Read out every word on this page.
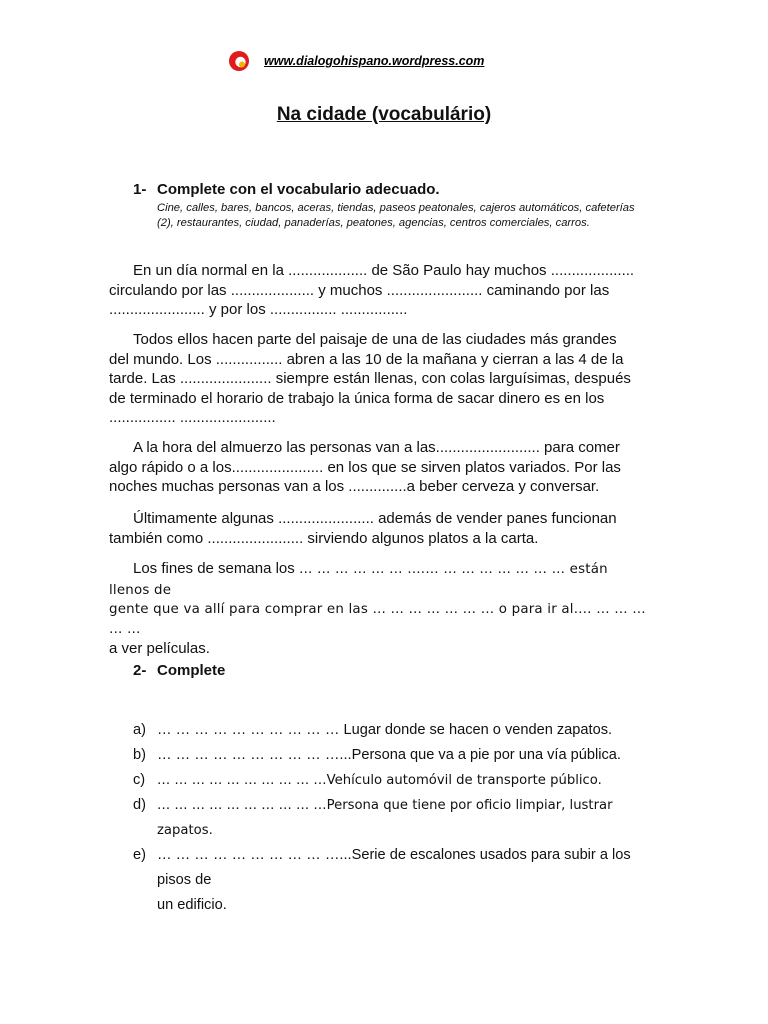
www.dialogohispano.wordpress.com
Na cidade (vocabulário)
1- Complete con el vocabulario adecuado.
Cine, calles, bares, bancos, aceras, tiendas, paseos peatonales, cajeros automáticos, cafeterías
(2), restaurantes, ciudad, panaderías, peatones, agencias, centros comerciales, carros.

En un día normal en la ................... de São Paulo hay muchos ....................

circulando por las .................... y muchos ....................... caminando por las
....................... y por los ................ ................

Todos ellos hacen parte del paisaje de una de las ciudades más grandes

del mundo. Los ................ abren a las 10 de la mañana y cierran a las 4 de la
tarde. Las ...................... siempre están llenas, con colas larguísimas, después
de terminado el horario de trabajo la única forma de sacar dinero es en los
................ .......................

A la hora del almuerzo las personas van a las......................... para comer

algo rápido o a los...................... en los que se sirven platos variados. Por las
noches muchas personas van a los ..............a beber cerveza y conversar.

Últimamente algunas ....................... además de vender panes funcionan

también como ....................... sirviendo algunos platos a la carta.

Los fines de semana los … … … … … … ….… … … … … … … … están llenos de

gente que va allí para comprar en las … … … … … … … o para ir al.… … … … … …
a ver películas.
2- Complete
a) … … … … … … … … … … Lugar donde se hacen o venden zapatos.
b) … … … … … … … … … …...Persona que va a pie por una vía pública.
c) … … … … … … … … … …Vehículo automóvil de transporte público.
d) … … … … … … … … … …Persona que tiene por oficio limpiar, lustrar zapatos.
e) … … … … … … … … … …...Serie de escalones usados para subir a los pisos de
un edificio.
